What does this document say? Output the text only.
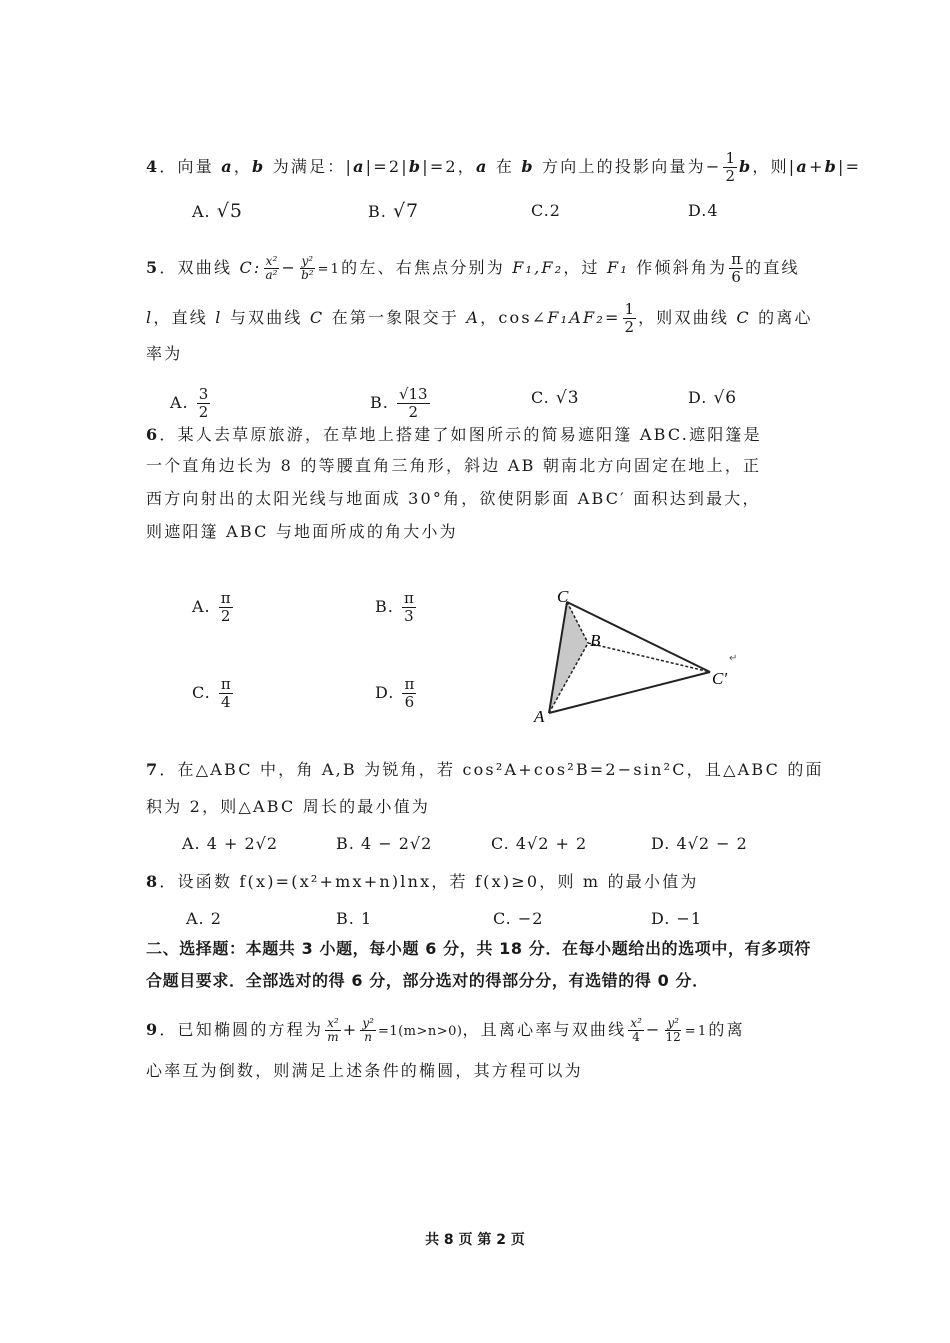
4．向量 a，b 为满足：|a|=2|b|=2，a 在 b 方向上的投影向量为− $\frac{1}{2}$ b，则|a+b|=
A. √5	B. √7	C.2	D.4
5．双曲线 C: $\frac{\text{x²}}{\text{a²}} - \frac{\text{y²}}{\text{b²}} =1$的左、右焦点分别为 F₁,F₂，过 F₁ 作倾斜角为 $\frac{\pi}{6}$ 的直线
l，直线 l 与双曲线 C 在第一象限交于 A，cos∠F₁AF₂= $\frac{1}{2}$ ，则双曲线 C 的离心
率为
A. $\frac{3}{2}$	B. $\frac{√13}{2}$	C. √3	D. √6
6．某人去草原旅游，在草地上搭建了如图所示的简易遮阳篷 ABC.遮阳篷是
一个直角边长为 8 的等腰直角三角形，斜边 AB 朝南北方向固定在地上，正
西方向射出的太阳光线与地面成 30°角，欲使阴影面 ABC′ 面积达到最大，
则遮阳篷 ABC 与地面所成的角大小为
A. $\frac{\pi}{2}$	B. $\frac{\pi}{3}$
C. $\frac{\pi}{4}$	D. $\frac{\pi}{6}$
C
B
A
C′
↵
7．在△ABC 中，角 A,B 为锐角，若 cos²A+cos²B=2−sin²C，且△ABC 的面
积为 2，则△ABC 周长的最小值为
A. 4 + 2√2	B. 4 − 2√2	C. 4√2 + 2	D. 4√2 − 2
8．设函数 f(x)=(x²+mx+n)lnx，若 f(x)≥0，则 m 的最小值为
A. 2	B. 1	C. −2	D. −1
二、选择题：本题共 3 小题，每小题 6 分，共 18 分．在每小题给出的选项中，有多项符
合题目要求．全部选对的得 6 分，部分选对的得部分分，有选错的得 0 分．
9．已知椭圆的方程为 $\frac{\text{x²}}{m} + \frac{\text{y²}}{n} =1(m>n>0)$，且离心率与双曲线 $\frac{\text{x²}}{4} - \frac{\text{y²}}{12} =1$的离
心率互为倒数，则满足上述条件的椭圆，其方程可以为
共 8 页 第 2 页
